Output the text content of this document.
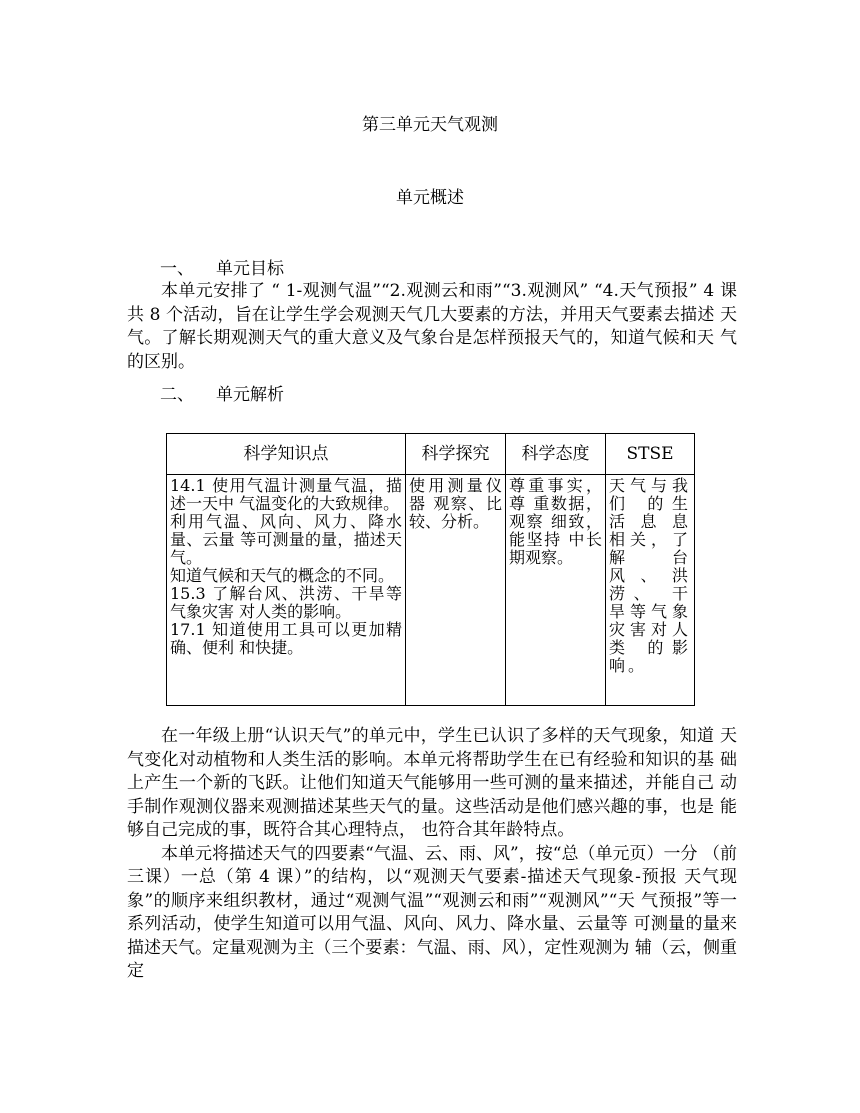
第三单元天气观测
单元概述
一、 单元目标

本单元安排了 “ 1-观测气温”“2.观测云和雨”“3.观测风” “4.天气预报” 4 课共 8 个活动，旨在让学生学会观测天气几大要素的方法，并用天气要素去描述 天气。了解长期观测天气的重大意义及气象台是怎样预报天气的，知道气候和天 气的区别。

二、 单元解析
科学知识点	科学探究	科学态度	STSE

14.1 使用气温计测量气温，描述一天中 气温变化的大致规律。
利用气温、风向、风力、降水量、云量 等可测量的量，描述天气。
知道气候和天气的概念的不同。
15.3 了解台风、洪涝、干旱等气象灾害 对人类的影响。
17.1 知道使用工具可以更加精确、便利 和快捷。	使用测量仪器 观察、比较、分析。	尊重事实，尊 重数据，观察 细致，能坚持 中长期观察。	天气与我们 的生活 息 息相关，了解 台风、洪涝、 干旱等气象灾害对人类 的影响。

在一年级上册“认识天气”的单元中，学生已认识了多样的天气现象，知道 天气变化对动植物和人类生活的影响。本单元将帮助学生在已有经验和知识的基 础上产生一个新的飞跃。让他们知道天气能够用一些可测的量来描述，并能自己 动手制作观测仪器来观测描述某些天气的量。这些活动是他们感兴趣的事，也是 能够自己完成的事，既符合其心理特点， 也符合其年龄特点。

本单元将描述天气的四要素“气温、云、雨、风”，按“总（单元页）一分 （前三课）一总（第 4 课）”的结构，以“观测天气要素-描述天气现象-预报 天气现象”的顺序来组织教材，通过“观测气温”“观测云和雨”“观测风”“天 气预报”等一系列活动，使学生知道可以用气温、风向、风力、降水量、云量等 可测量的量来描述天气。定量观测为主（三个要素：气温、雨、风），定性观测为 辅（云，侧重定
